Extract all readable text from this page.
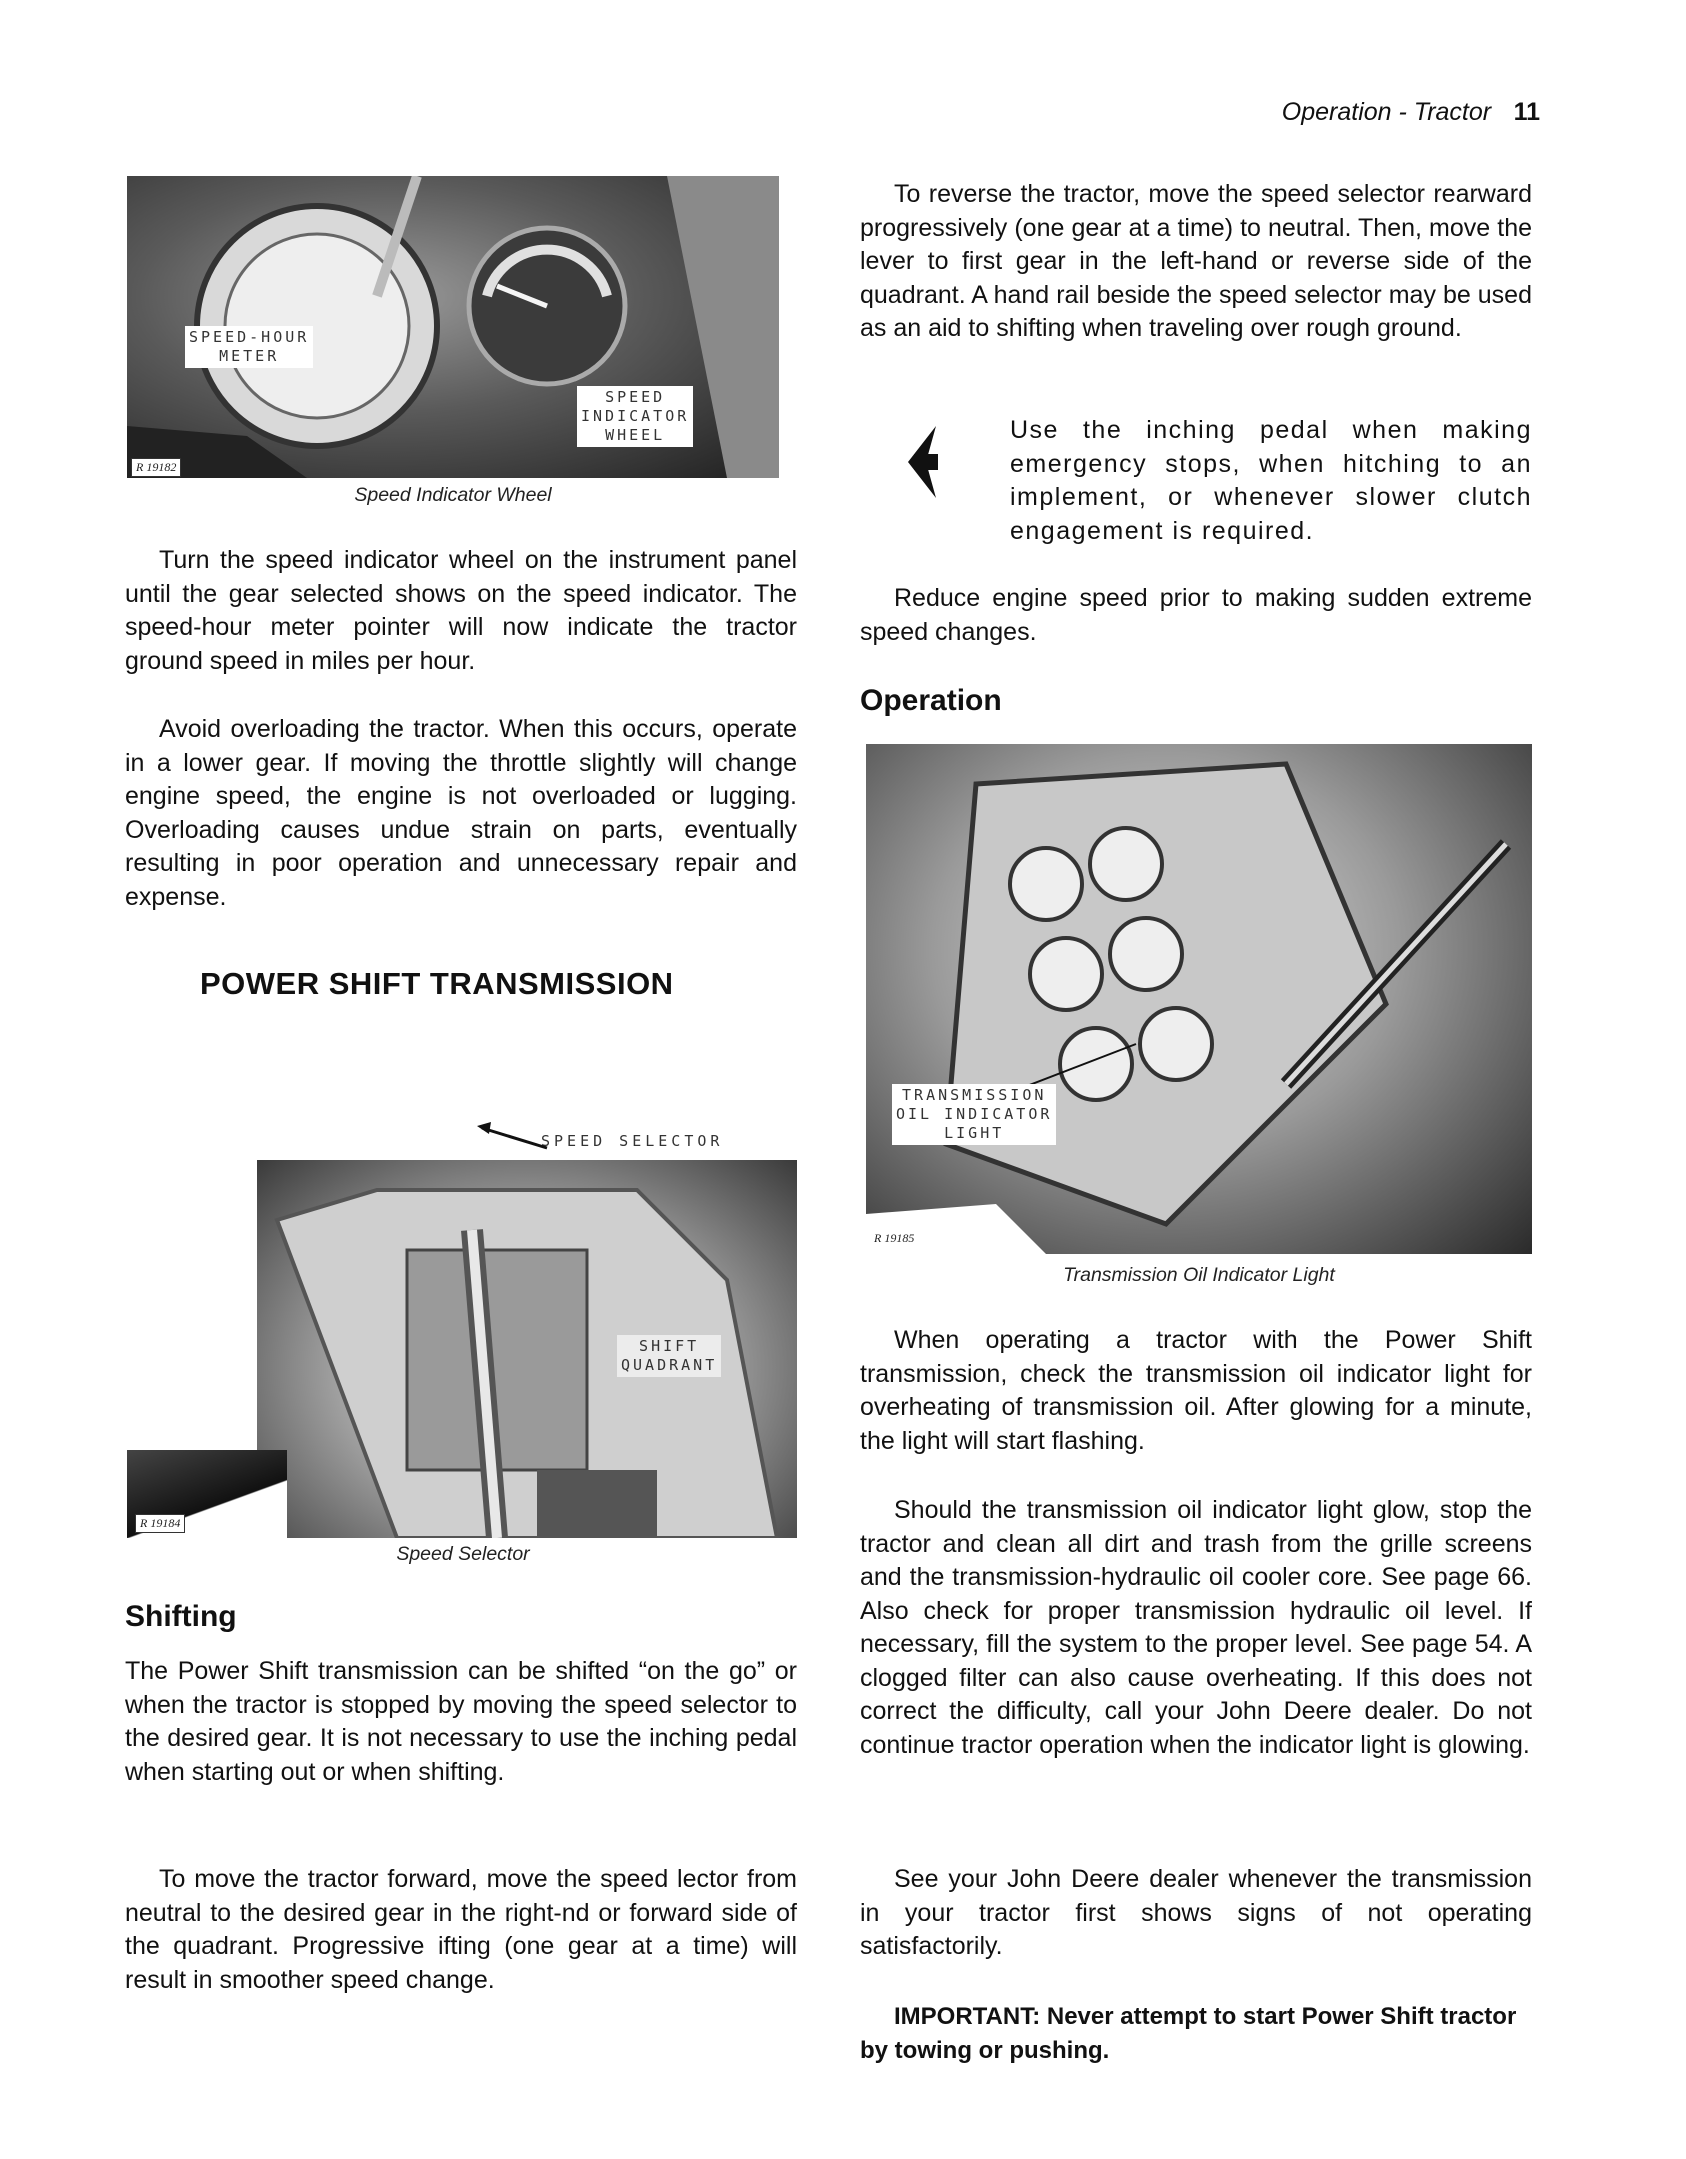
Operation - Tractor 11
SPEED-HOUR
METER
SPEED
INDICATOR
WHEEL
R 19182
Speed Indicator Wheel

Turn the speed indicator wheel on the instrument panel until the gear selected shows on the speed indicator. The speed-hour meter pointer will now indicate the tractor ground speed in miles per hour.

Avoid overloading the tractor. When this occurs, operate in a lower gear. If moving the throttle slightly will change engine speed, the engine is not overloaded or lugging. Overloading causes undue strain on parts, eventually resulting in poor operation and unnecessary repair and expense.

POWER SHIFT TRANSMISSION
SPEED SELECTOR
SHIFT
QUADRANT
R 19184
Speed Selector
Shifting

The Power Shift transmission can be shifted “on the go” or when the tractor is stopped by moving the speed selector to the desired gear. It is not necessary to use the inching pedal when starting out or when shifting.

To move the tractor forward, move the speed lector from neutral to the desired gear in the right-nd or forward side of the quadrant. Progressive ifting (one gear at a time) will result in smoother speed change.

To reverse the tractor, move the speed selector rearward progressively (one gear at a time) to neutral. Then, move the lever to first gear in the left-hand or reverse side of the quadrant. A hand rail beside the speed selector may be used as an aid to shifting when traveling over rough ground.

Use the inching pedal when making emergency stops, when hitching to an implement, or whenever slower clutch engagement is required.

Reduce engine speed prior to making sudden extreme speed changes.

Operation
TRANSMISSION
OIL INDICATOR
LIGHT
R 19185
Transmission Oil Indicator Light

When operating a tractor with the Power Shift transmission, check the transmission oil indicator light for overheating of transmission oil. After glowing for a minute, the light will start flashing.

Should the transmission oil indicator light glow, stop the tractor and clean all dirt and trash from the grille screens and the transmission-hydraulic oil cooler core. See page 66. Also check for proper transmission hydraulic oil level. If necessary, fill the system to the proper level. See page 54. A clogged filter can also cause overheating. If this does not correct the difficulty, call your John Deere dealer. Do not continue tractor operation when the indicator light is glowing.

See your John Deere dealer whenever the transmission in your tractor first shows signs of not operating satisfactorily.

IMPORTANT: Never attempt to start Power Shift tractor by towing or pushing.
